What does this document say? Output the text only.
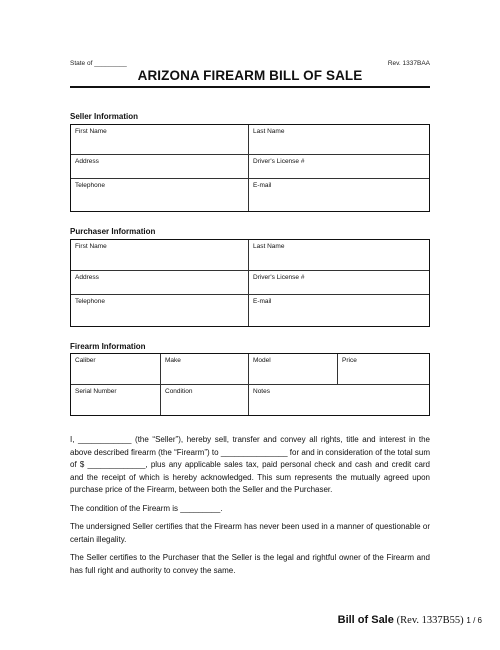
State of _________	Rev. 1337BAA
ARIZONA FIREARM BILL OF SALE
Seller Information
First Name	Last Name
Address	Driver's License #
Telephone	E-mail
Purchaser Information
First Name	Last Name
Address	Driver's License #
Telephone	E-mail
Firearm Information
Caliber	Make	Model	Price
Serial Number	Condition	Notes
I, ____________ (the “Seller”), hereby sell, transfer and convey all rights, title and interest in the above described firearm (the “Firearm”) to _______________ for and in consideration of the total sum of $ _____________, plus any applicable sales tax, paid personal check and cash and credit card and the receipt of which is hereby acknowledged. This sum represents the mutually agreed upon purchase price of the Firearm, between both the Seller and the Purchaser.
The condition of the Firearm is _________.
The undersigned Seller certifies that the Firearm has never been used in a manner of questionable or certain illegality.
The Seller certifies to the Purchaser that the Seller is the legal and rightful owner of the Firearm and has full right and authority to convey the same.
Bill of Sale (Rev. 1337B55) 1 / 6
